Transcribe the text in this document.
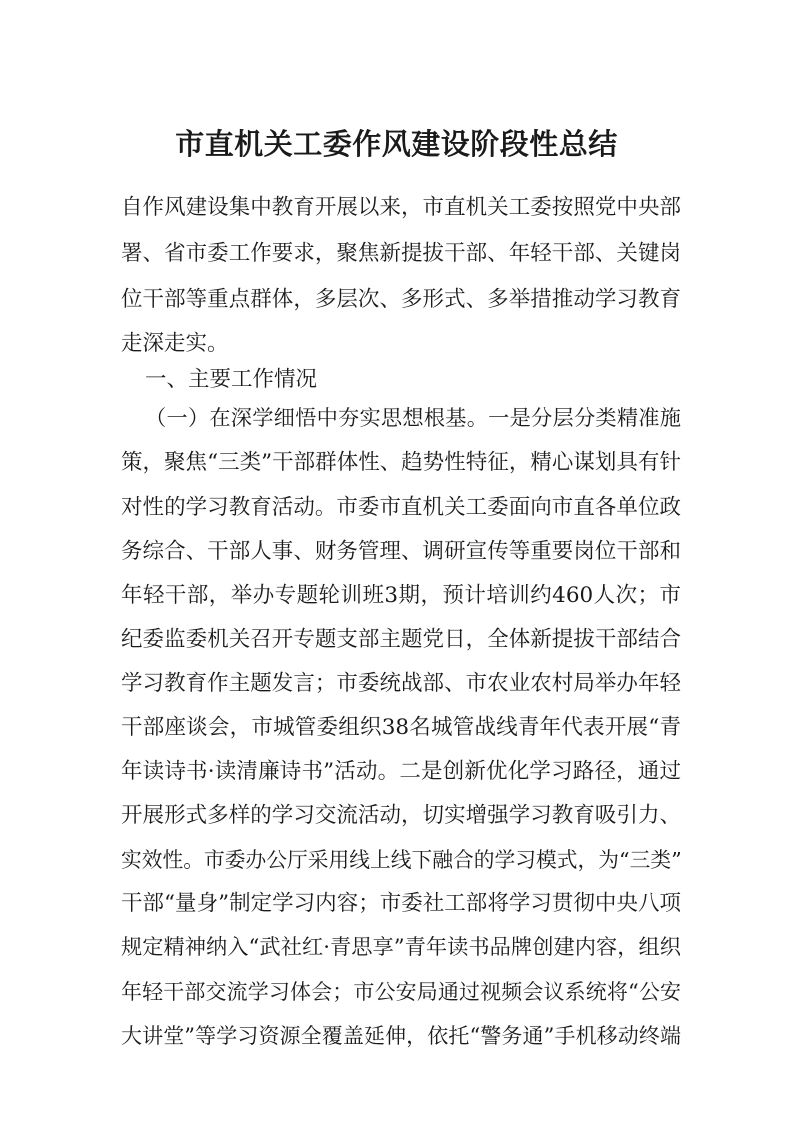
市直机关工委作风建设阶段性总结

自作风建设集中教育开展以来，市直机关工委按照党中央部

署、省市委工作要求，聚焦新提拔干部、年轻干部、关键岗

位干部等重点群体，多层次、多形式、多举措推动学习教育

走深走实。

一、主要工作情况

（一）在深学细悟中夯实思想根基。一是分层分类精准施

策，聚焦“三类”干部群体性、趋势性特征，精心谋划具有针

对性的学习教育活动。市委市直机关工委面向市直各单位政

务综合、干部人事、财务管理、调研宣传等重要岗位干部和

年轻干部，举办专题轮训班3期，预计培训约460人次；市

纪委监委机关召开专题支部主题党日，全体新提拔干部结合

学习教育作主题发言；市委统战部、市农业农村局举办年轻

干部座谈会，市城管委组织38名城管战线青年代表开展“青

年读诗书·读清廉诗书”活动。二是创新优化学习路径，通过

开展形式多样的学习交流活动，切实增强学习教育吸引力、

实效性。市委办公厅采用线上线下融合的学习模式，为“三类”

干部“量身”制定学习内容；市委社工部将学习贯彻中央八项

规定精神纳入“武社红·青思享”青年读书品牌创建内容，组织

年轻干部交流学习体会；市公安局通过视频会议系统将“公安

大讲堂”等学习资源全覆盖延伸，依托“警务通”手机移动终端
